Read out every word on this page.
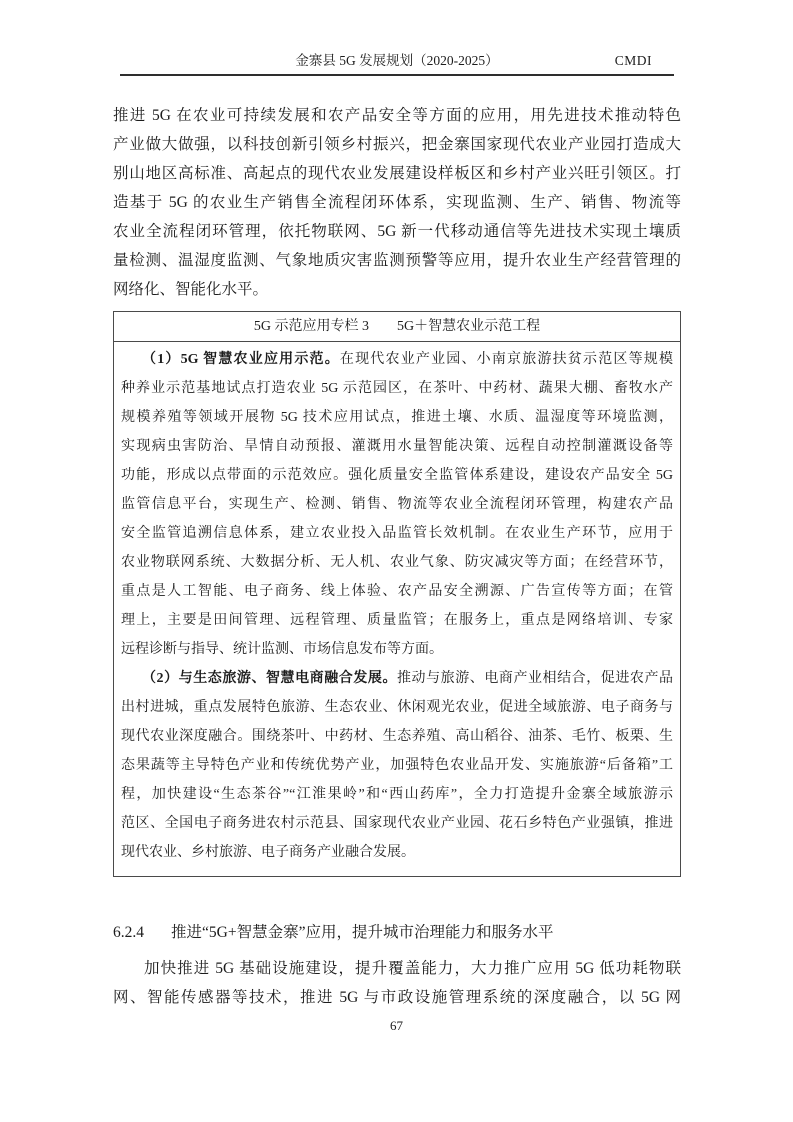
金寨县 5G 发展规划（2020-2025）	CMDI
推进 5G 在农业可持续发展和农产品安全等方面的应用，用先进技术推动特色
产业做大做强，以科技创新引领乡村振兴，把金寨国家现代农业产业园打造成大
别山地区高标准、高起点的现代农业发展建设样板区和乡村产业兴旺引领区。打
造基于 5G 的农业生产销售全流程闭环体系，实现监测、生产、销售、物流等
农业全流程闭环管理，依托物联网、5G 新一代移动通信等先进技术实现土壤质
量检测、温湿度监测、气象地质灾害监测预警等应用，提升农业生产经营管理的
网络化、智能化水平。
5G 示范应用专栏 3　　5G＋智慧农业示范工程
（1）5G 智慧农业应用示范。在现代农业产业园、小南京旅游扶贫示范区等规模
种养业示范基地试点打造农业 5G 示范园区，在茶叶、中药材、蔬果大棚、畜牧水产
规模养殖等领域开展物 5G 技术应用试点，推进土壤、水质、温湿度等环境监测，
实现病虫害防治、旱情自动预报、灌溉用水量智能决策、远程自动控制灌溉设备等
功能，形成以点带面的示范效应。强化质量安全监管体系建设，建设农产品安全 5G
监管信息平台，实现生产、检测、销售、物流等农业全流程闭环管理，构建农产品
安全监管追溯信息体系，建立农业投入品监管长效机制。在农业生产环节，应用于
农业物联网系统、大数据分析、无人机、农业气象、防灾减灾等方面；在经营环节，
重点是人工智能、电子商务、线上体验、农产品安全溯源、广告宣传等方面；在管
理上，主要是田间管理、远程管理、质量监管；在服务上，重点是网络培训、专家
远程诊断与指导、统计监测、市场信息发布等方面。
（2）与生态旅游、智慧电商融合发展。推动与旅游、电商产业相结合，促进农产品
出村进城，重点发展特色旅游、生态农业、休闲观光农业，促进全域旅游、电子商务与
现代农业深度融合。围绕茶叶、中药材、生态养殖、高山稻谷、油茶、毛竹、板栗、生
态果蔬等主导特色产业和传统优势产业，加强特色农业品开发、实施旅游“后备箱”工
程，加快建设“生态茶谷”“江淮果岭”和“西山药库”，全力打造提升金寨全域旅游示
范区、全国电子商务进农村示范县、国家现代农业产业园、花石乡特色产业强镇，推进
现代农业、乡村旅游、电子商务产业融合发展。
6.2.4 推进“5G+智慧金寨”应用，提升城市治理能力和服务水平
加快推进 5G 基础设施建设，提升覆盖能力，大力推广应用 5G 低功耗物联
网、智能传感器等技术，推进 5G 与市政设施管理系统的深度融合，以 5G 网
67
